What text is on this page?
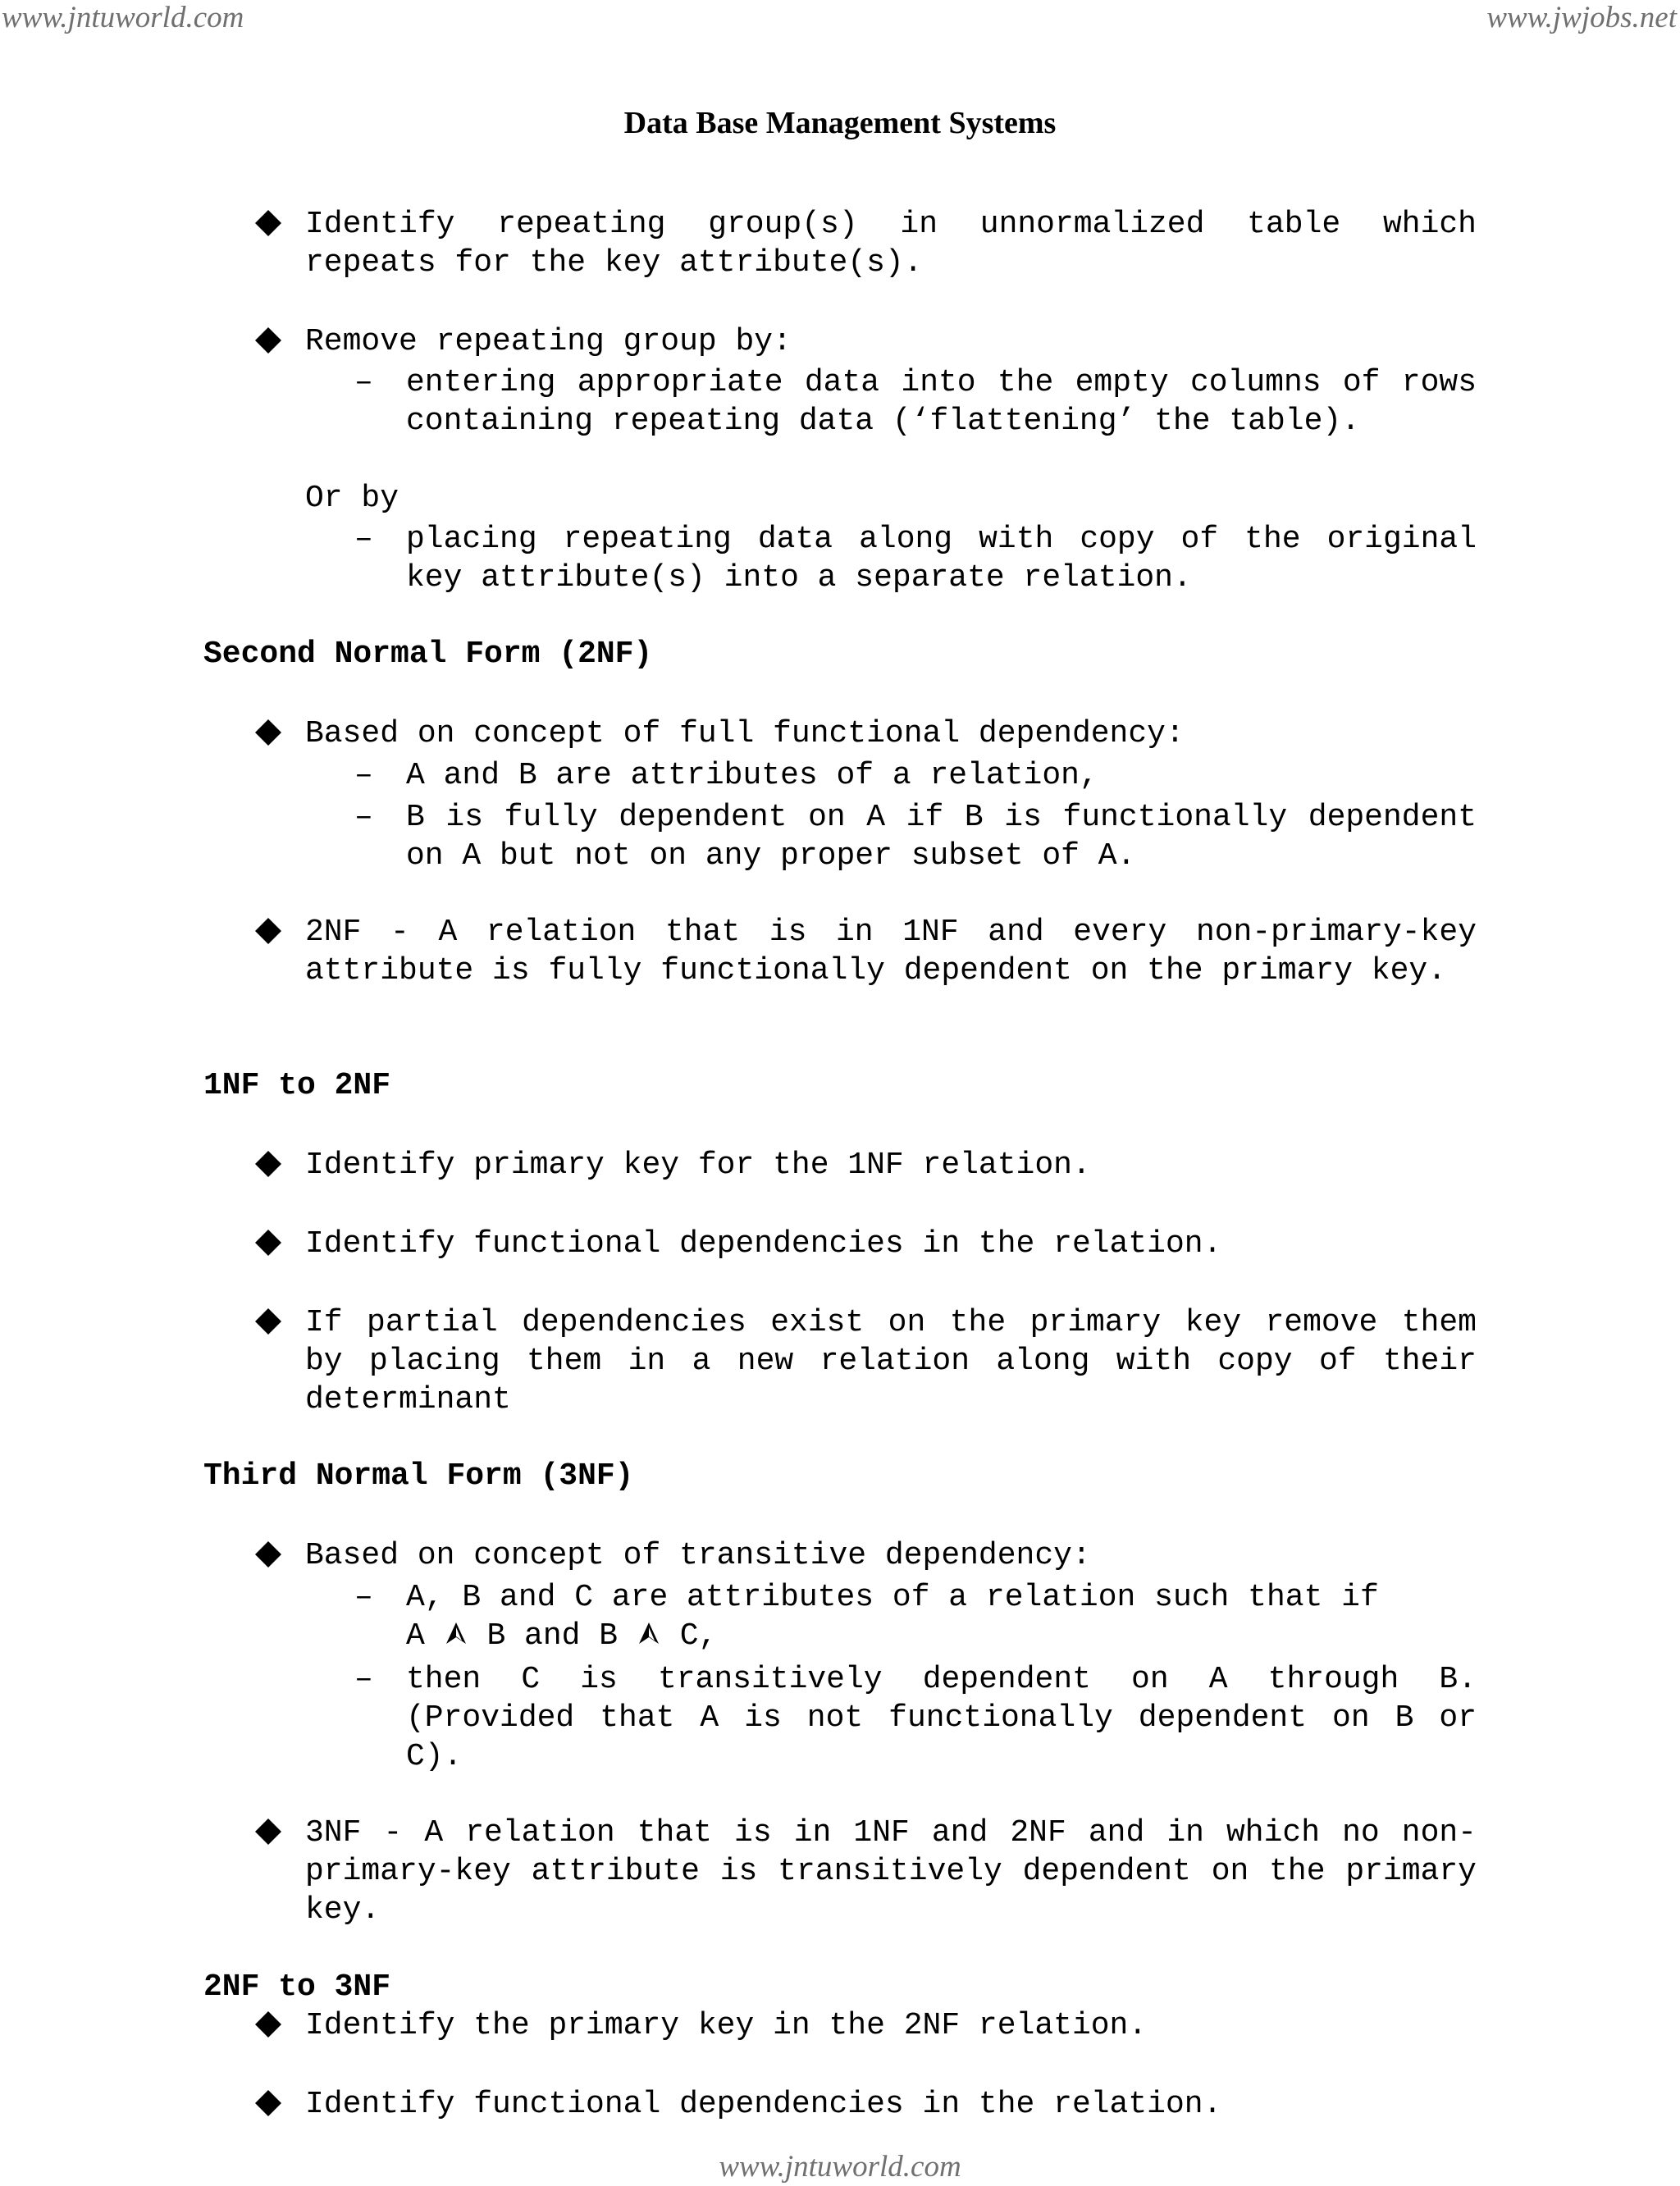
www.jntuworld.com	www.jwjobs.net
Data Base Management Systems
Identify repeating group(s) in unnormalized table which repeats for the key attribute(s).
Remove repeating group by:
– entering appropriate data into the empty columns of rows containing repeating data (‘flattening’ the table).
Or by
– placing repeating data along with copy of the original key attribute(s) into a separate relation.
Second Normal Form (2NF)
Based on concept of full functional dependency:
– A and B are attributes of a relation,
– B is fully dependent on A if B is functionally dependent on A but not on any proper subset of A.
2NF - A relation that is in 1NF and every non-primary-key attribute is fully functionally dependent on the primary key.
1NF to 2NF
Identify primary key for the 1NF relation.
Identify functional dependencies in the relation.
If partial dependencies exist on the primary key remove them by placing them in a new relation along with copy of their determinant
Third Normal Form (3NF)
Based on concept of transitive dependency:
– A, B and C are attributes of a relation such that if
A B and B C,
– then C is transitively dependent on A through B. (Provided that A is not functionally dependent on B or C).
3NF - A relation that is in 1NF and 2NF and in which no non-primary-key attribute is transitively dependent on the primary key.
2NF to 3NF
Identify the primary key in the 2NF relation.
Identify functional dependencies in the relation.
www.jntuworld.com
